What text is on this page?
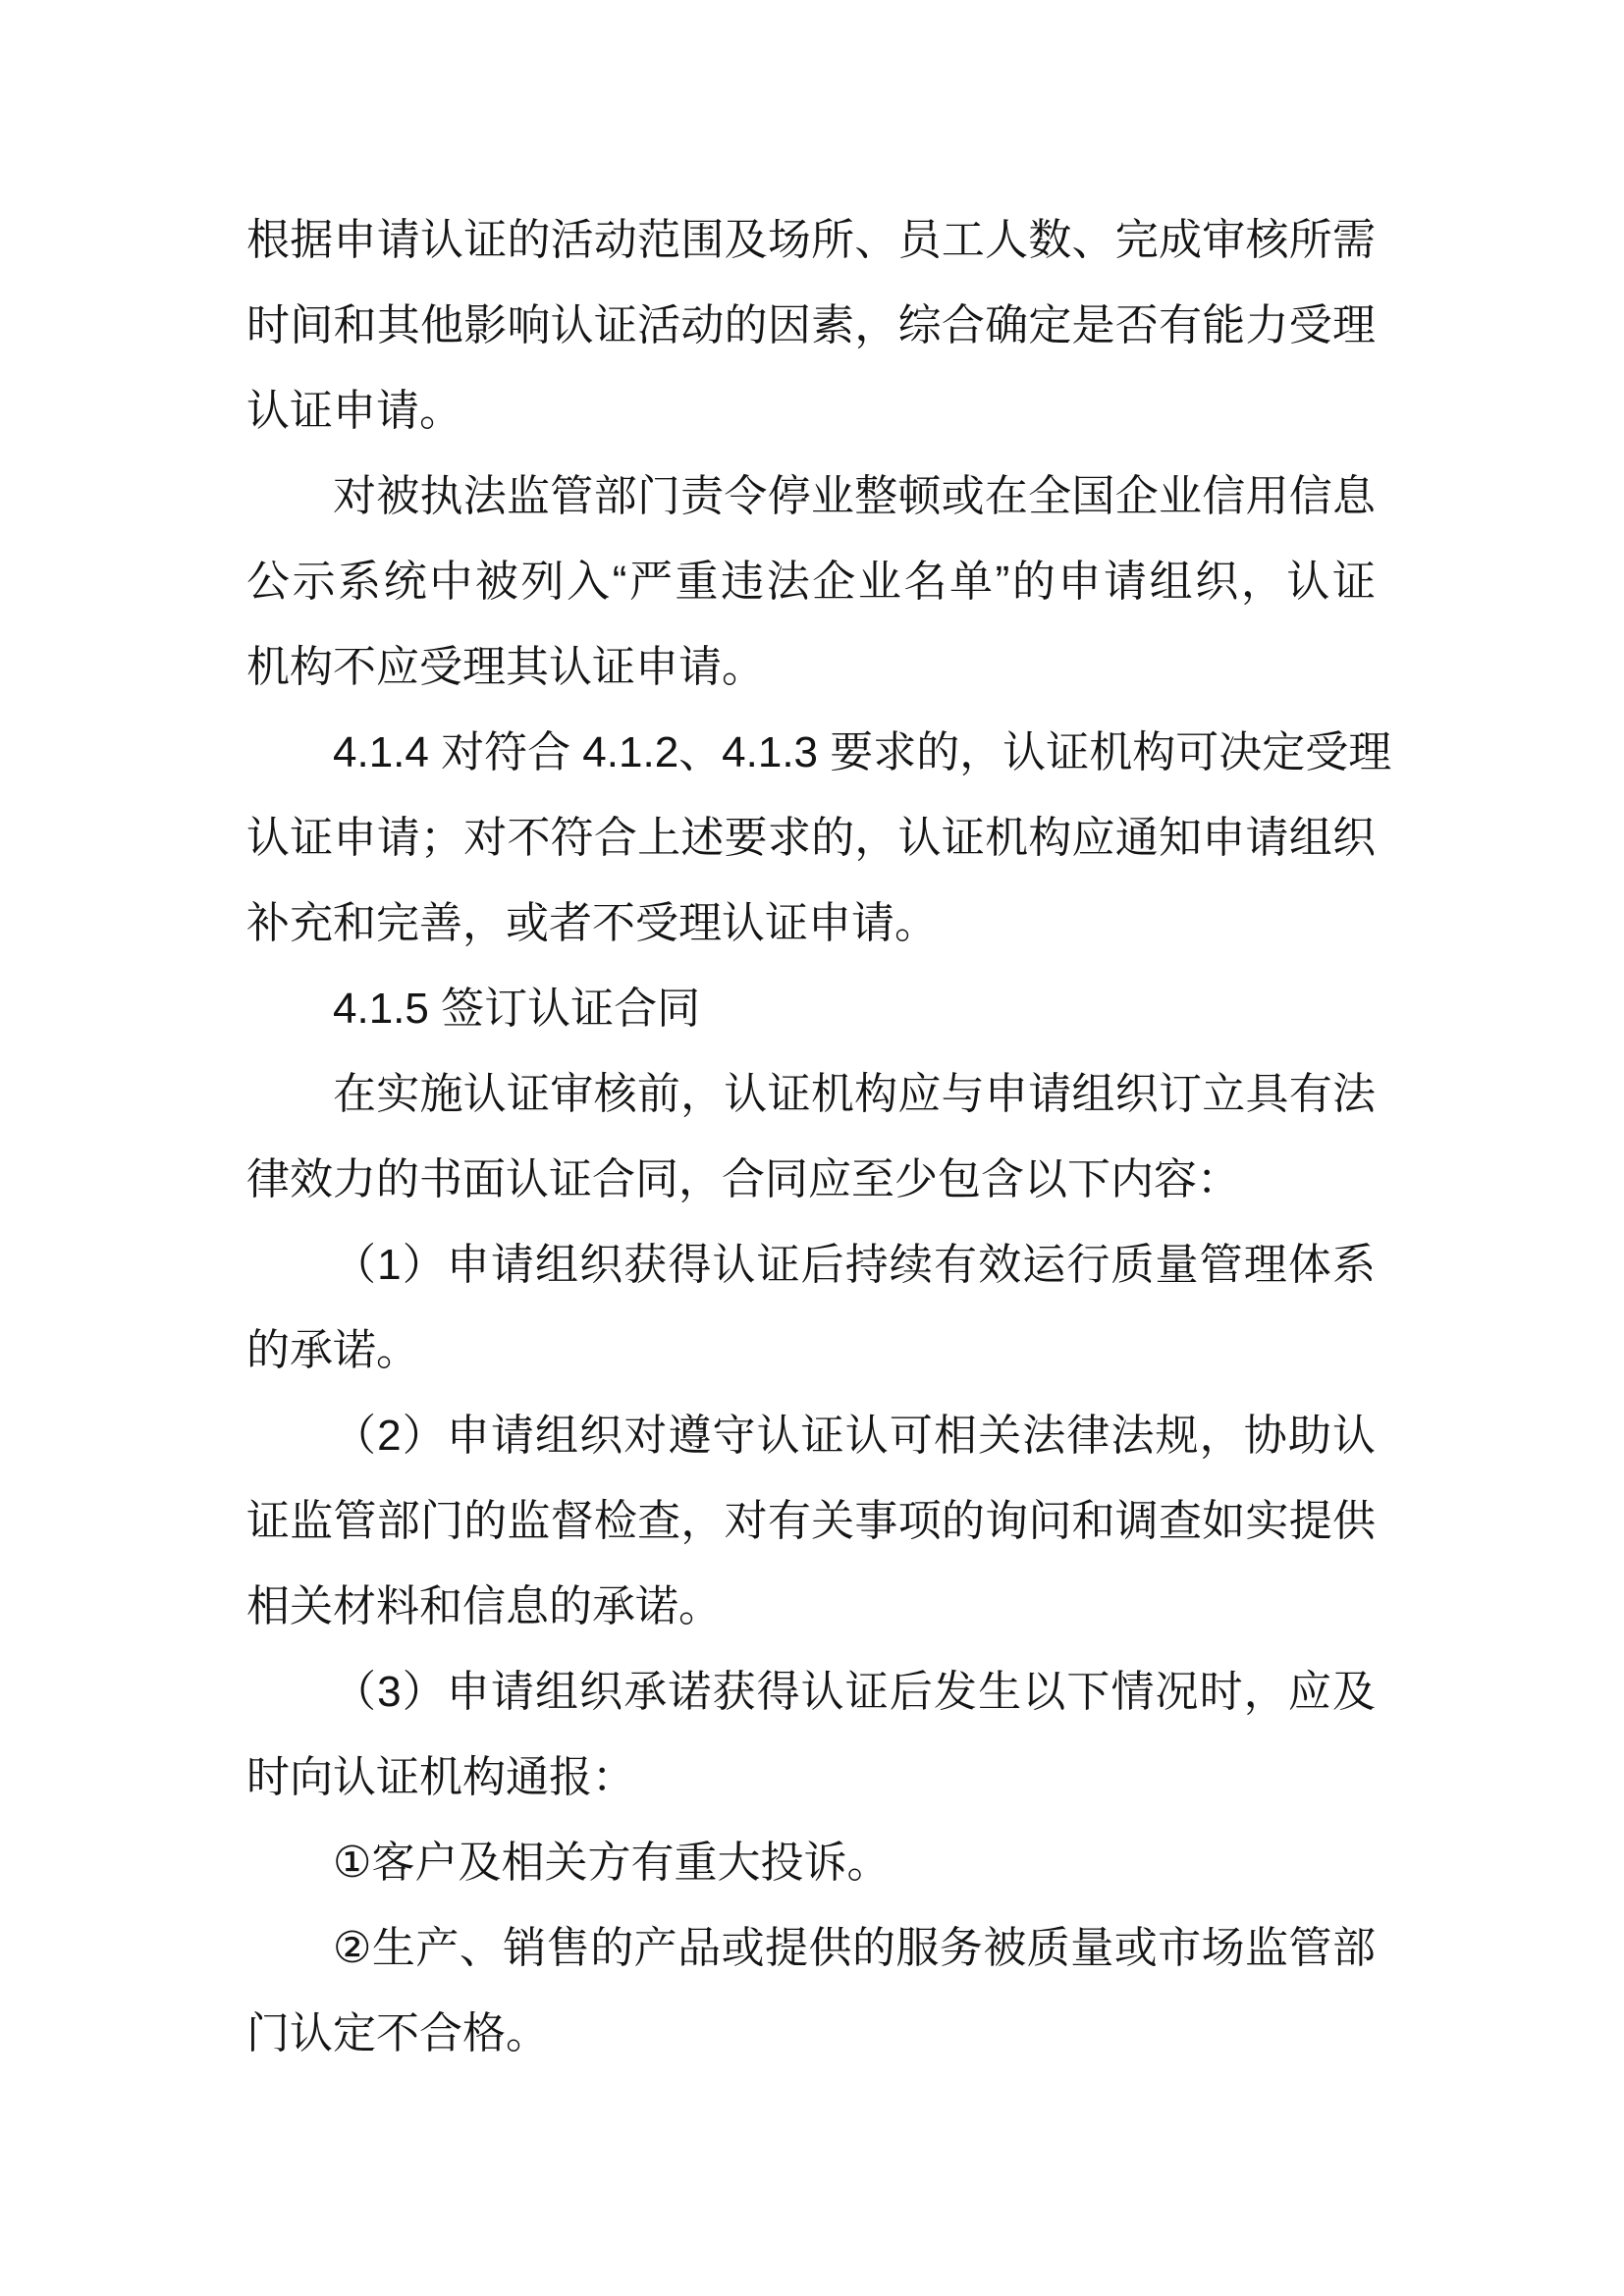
根据申请认证的活动范围及场所、员工人数、完成审核所需
时间和其他影响认证活动的因素，综合确定是否有能力受理
认证申请。
对被执法监管部门责令停业整顿或在全国企业信用信息
公示系统中被列入“严重违法企业名单”的申请组织，认证
机构不应受理其认证申请。
4.1.4 对符合 4.1.2、4.1.3 要求的，认证机构可决定受理
认证申请；对不符合上述要求的，认证机构应通知申请组织
补充和完善，或者不受理认证申请。
4.1.5 签订认证合同
在实施认证审核前，认证机构应与申请组织订立具有法
律效力的书面认证合同，合同应至少包含以下内容：
（1）申请组织获得认证后持续有效运行质量管理体系
的承诺。
（2）申请组织对遵守认证认可相关法律法规，协助认
证监管部门的监督检查，对有关事项的询问和调查如实提供
相关材料和信息的承诺。
（3）申请组织承诺获得认证后发生以下情况时，应及
时向认证机构通报：
①客户及相关方有重大投诉。
②生产、销售的产品或提供的服务被质量或市场监管部
门认定不合格。
